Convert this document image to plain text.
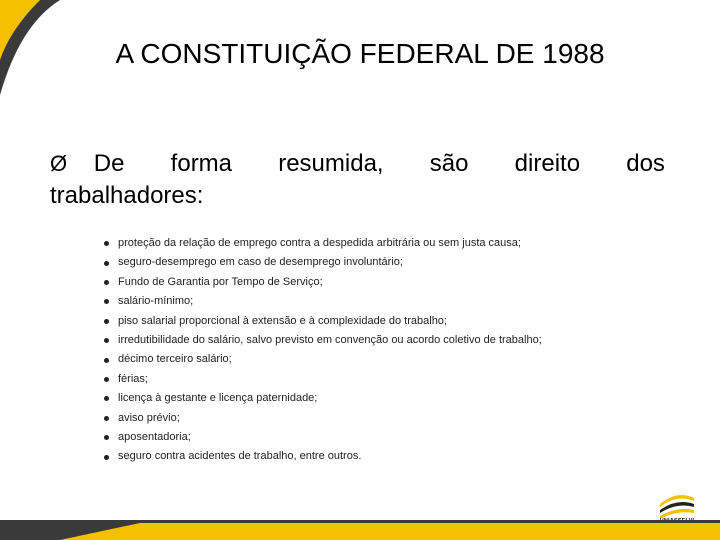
A CONSTITUIÇÃO FEDERAL DE 1988
Ø De forma resumida, são direito dos
trabalhadores:
proteção da relação de emprego contra a despedida arbitrária ou sem justa causa;
seguro-desemprego em caso de desemprego involuntário;
Fundo de Garantia por Tempo de Serviço;
salário-mínimo;
piso salarial proporcional à extensão e à complexidade do trabalho;
irredutibilidade do salário, salvo previsto em convenção ou acordo coletivo de trabalho;
décimo terceiro salário;
férias;
licença à gestante e licença paternidade;
aviso prévio;
aposentadoria;
seguro contra acidentes de trabalho, entre outros.
